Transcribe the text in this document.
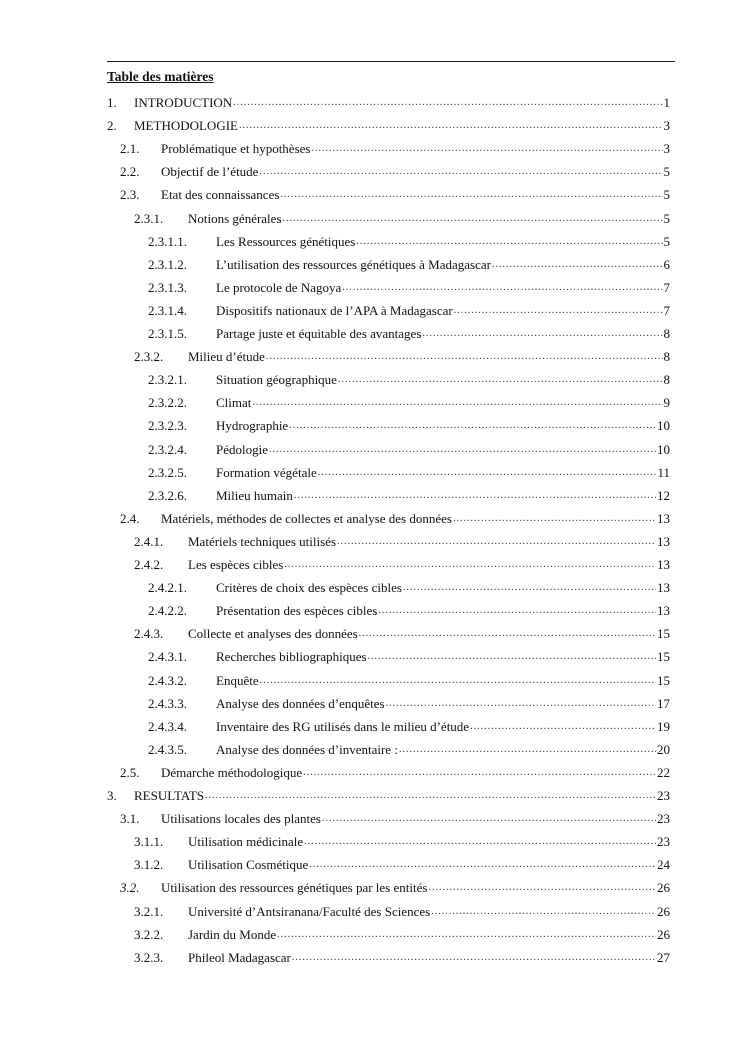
Table des matières
1. INTRODUCTION .....	1
2. METHODOLOGIE .....	3
2.1. Problématique et hypothèses .....	3
2.2. Objectif de l’étude .....	5
2.3. Etat des connaissances .....	5
2.3.1. Notions générales .....	5
2.3.1.1. Les Ressources génétiques .....	5
2.3.1.2. L’utilisation des ressources génétiques à Madagascar .....	6
2.3.1.3. Le protocole de Nagoya .....	7
2.3.1.4. Dispositifs nationaux de l’APA à Madagascar .....	7
2.3.1.5. Partage juste et équitable des avantages .....	8
2.3.2. Milieu d’étude .....	8
2.3.2.1. Situation géographique .....	8
2.3.2.2. Climat .....	9
2.3.2.3. Hydrographie .....	10
2.3.2.4. Pédologie .....	10
2.3.2.5. Formation végétale .....	11
2.3.2.6. Milieu humain .....	12
2.4. Matériels, méthodes de collectes et analyse des données .....	13
2.4.1. Matériels techniques utilisés .....	13
2.4.2. Les espèces cibles .....	13
2.4.2.1. Critères de choix des espèces cibles .....	13
2.4.2.2. Présentation des espèces cibles .....	13
2.4.3. Collecte et analyses des données .....	15
2.4.3.1. Recherches bibliographiques .....	15
2.4.3.2. Enquête .....	15
2.4.3.3. Analyse des données d’enquêtes .....	17
2.4.3.4. Inventaire des RG utilisés dans le milieu d’étude .....	19
2.4.3.5. Analyse des données d’inventaire : .....	20
2.5. Démarche méthodologique .....	22
3. RESULTATS .....	23
3.1. Utilisations locales des plantes .....	23
3.1.1. Utilisation médicinale .....	23
3.1.2. Utilisation Cosmétique .....	24
3.2. Utilisation des ressources génétiques par les entités .....	26
3.2.1. Université d’Antsiranana/Faculté des Sciences .....	26
3.2.2. Jardin du Monde .....	26
3.2.3. Phileol Madagascar .....	27
